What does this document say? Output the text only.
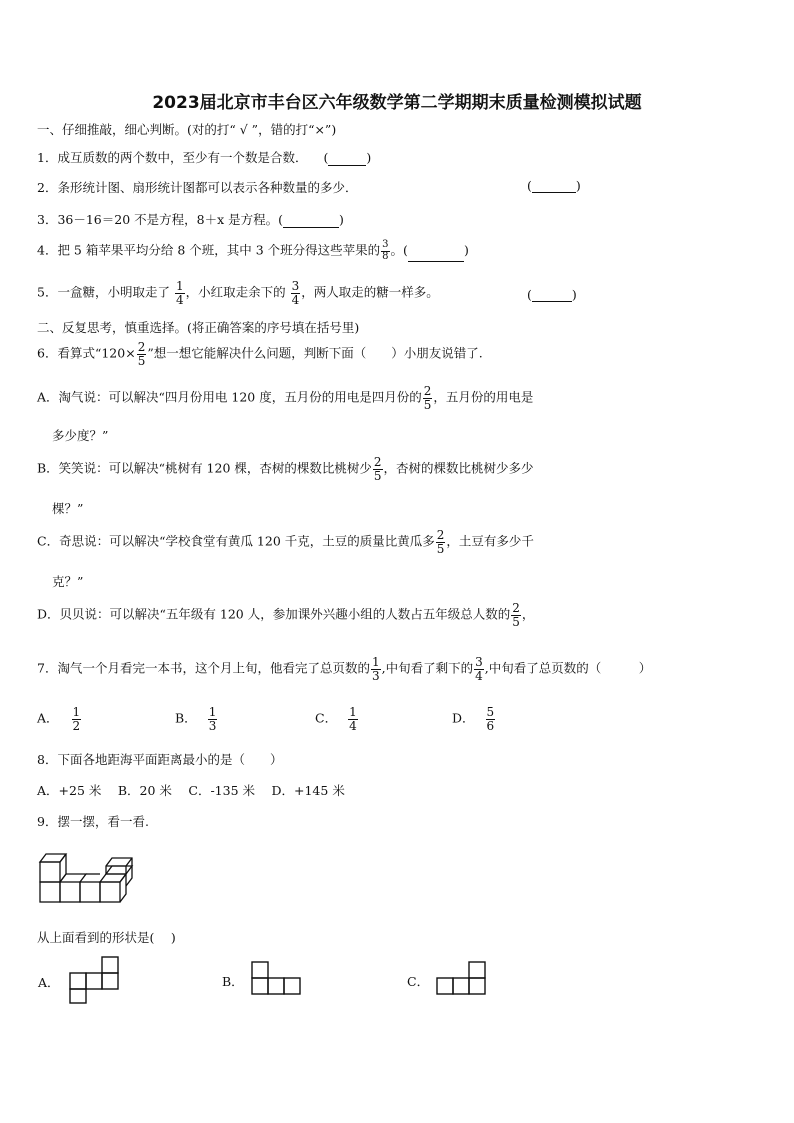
2023届北京市丰台区六年级数学第二学期期末质量检测模拟试题
一、仔细推敲，细心判断。(对的打“ √ ”，错的打“×”)
1．成互质数的两个数中，至少有一个数是合数． (	)
2．条形统计图、扇形统计图都可以表示各种数量的多少．	(	)
3．36－16＝20 不是方程，8＋x 是方程。(	)
4．把 5 箱苹果平均分给 8 个班，其中 3 个班分得这些苹果的 $\frac{3}{8}$ 。(	)
5．一盒糖，小明取走了 $\frac{1}{4}$ ，小红取走余下的 $\frac{3}{4}$ ，两人取走的糖一样多。	(	)
二、反复思考，慎重选择。(将正确答案的序号填在括号里)
6．看算式“$120\times \frac{2}{5}$ ”想一想它能解决什么问题，判断下面（　　）小朋友说错了.
A．淘气说：可以解决“四月份用电 120 度，五月份的用电是四月份的 $\frac{2}{5}$ ，五月份的用电是
多少度？”
B．笑笑说：可以解决“桃树有 120 棵，杏树的棵数比桃树少 $\frac{2}{5}$ ，杏树的棵数比桃树少多少
棵？”
C．奇思说：可以解决“学校食堂有黄瓜 120 千克，土豆的质量比黄瓜多 $\frac{2}{5}$ ，土豆有多少千
克？”
D．贝贝说：可以解决“五年级有 120 人，参加课外兴趣小组的人数占五年级总人数的 $\frac{2}{5}$ ，
7．淘气一个月看完一本书，这个月上旬，他看完了总页数的 $\frac{1}{3}$ ,中旬看了剩下的 $\frac{3}{4}$ ,中旬看了总页数的（　　　）
A． $\frac{1}{2}$	B． $\frac{1}{3}$	C． $\frac{1}{4}$	D． $\frac{5}{6}$
8．下面各地距海平面距离最小的是（　　）
A．+25 米　 B．20 米　 C．-135 米　 D．+145 米
9．摆一摆，看一看.
从上面看到的形状是(　 )
A．	B．	C．
